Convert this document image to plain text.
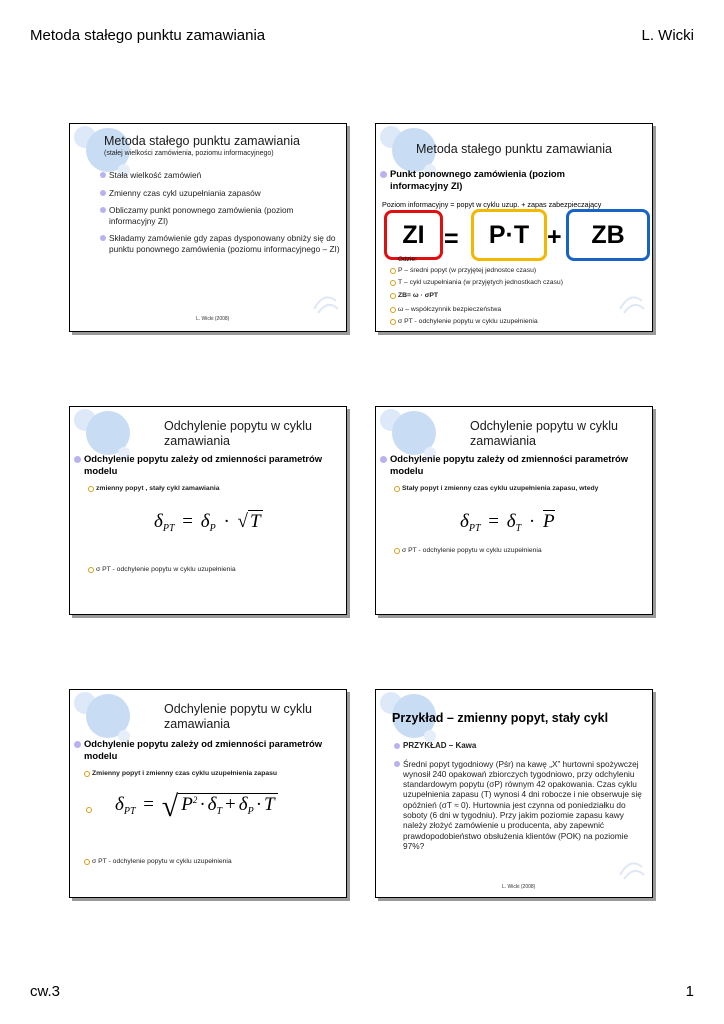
Metoda stałego punktu zamawiania	L. Wicki
Metoda stałego punktu zamawiania
(stałej wielkości zamówienia, poziomu informacyjnego)
Stała wielkość zamówień
Zmienny czas cykl uzupełniania zapasów
Obliczamy punkt ponownego zamówienia (poziom informacyjny ZI)
Składamy zamówienie gdy zapas dysponowany obniży się do punktu ponownego zamówienia (poziomu informacyjnego – ZI)
L. Wicki (2008)
Metoda stałego punktu zamawiania
Punkt ponownego zamówienia (poziom informacyjny ZI)
Poziom informacyjny = popyt w cyklu uzup. + zapas zabezpieczający
ZI =	P·T +	ZB
Gdzie:
P – średni popyt (w przyjętej jednostce czasu)
T – cykl uzupełniania (w przyjętych jednostkach czasu)
ZB= ω · σPT
ω – współczynnik bezpieczeństwa
σ PT - odchylenie popytu w cyklu uzupełnienia
Odchylenie popytu w cyklu zamawiania
Odchylenie popytu zależy od zmienności parametrów modelu
zmienny popyt , stały cykl zamawiania
$\delta_{PT} = \delta_P$ · √ T
σ PT - odchylenie popytu w cyklu uzupełnienia
Odchylenie popytu w cyklu zamawiania
Odchylenie popytu zależy od zmienności parametrów modelu
Stały popyt i zmienny czas cyklu uzupełnienia zapasu, wtedy
$\delta_{PT} = \delta_T \cdot P$
σ PT - odchylenie popytu w cyklu uzupełnienia
Odchylenie popytu w cyklu zamawiania
Odchylenie popytu zależy od zmienności parametrów modelu
Zmienny popyt i zmienny czas cyklu uzupełnienia zapasu
$\delta_{PT}$ = √ $P^2 \cdot \delta_T + \delta_P \cdot T$
σ PT - odchylenie popytu w cyklu uzupełnienia
Przykład – zmienny popyt, stały cykl
PRZYKŁAD – Kawa
Średni popyt tygodniowy (Pśr) na kawę „X” hurtowni spożywczej wynosił 240 opakowań zbiorczych tygodniowo, przy odchyleniu standardowym popytu (σP) równym 42 opakowania. Czas cyklu uzupełnienia zapasu (T) wynosi 4 dni robocze i nie obserwuje się opóźnień (σT ≈ 0). Hurtownia jest czynna od poniedziałku do soboty (6 dni w tygodniu). Przy jakim poziomie zapasu kawy należy złożyć zamówienie u producenta, aby zapewnić prawdopodobieństwo obsłużenia klientów (POK) na poziomie 97%?
L. Wicki (2008)
cw.3	1
